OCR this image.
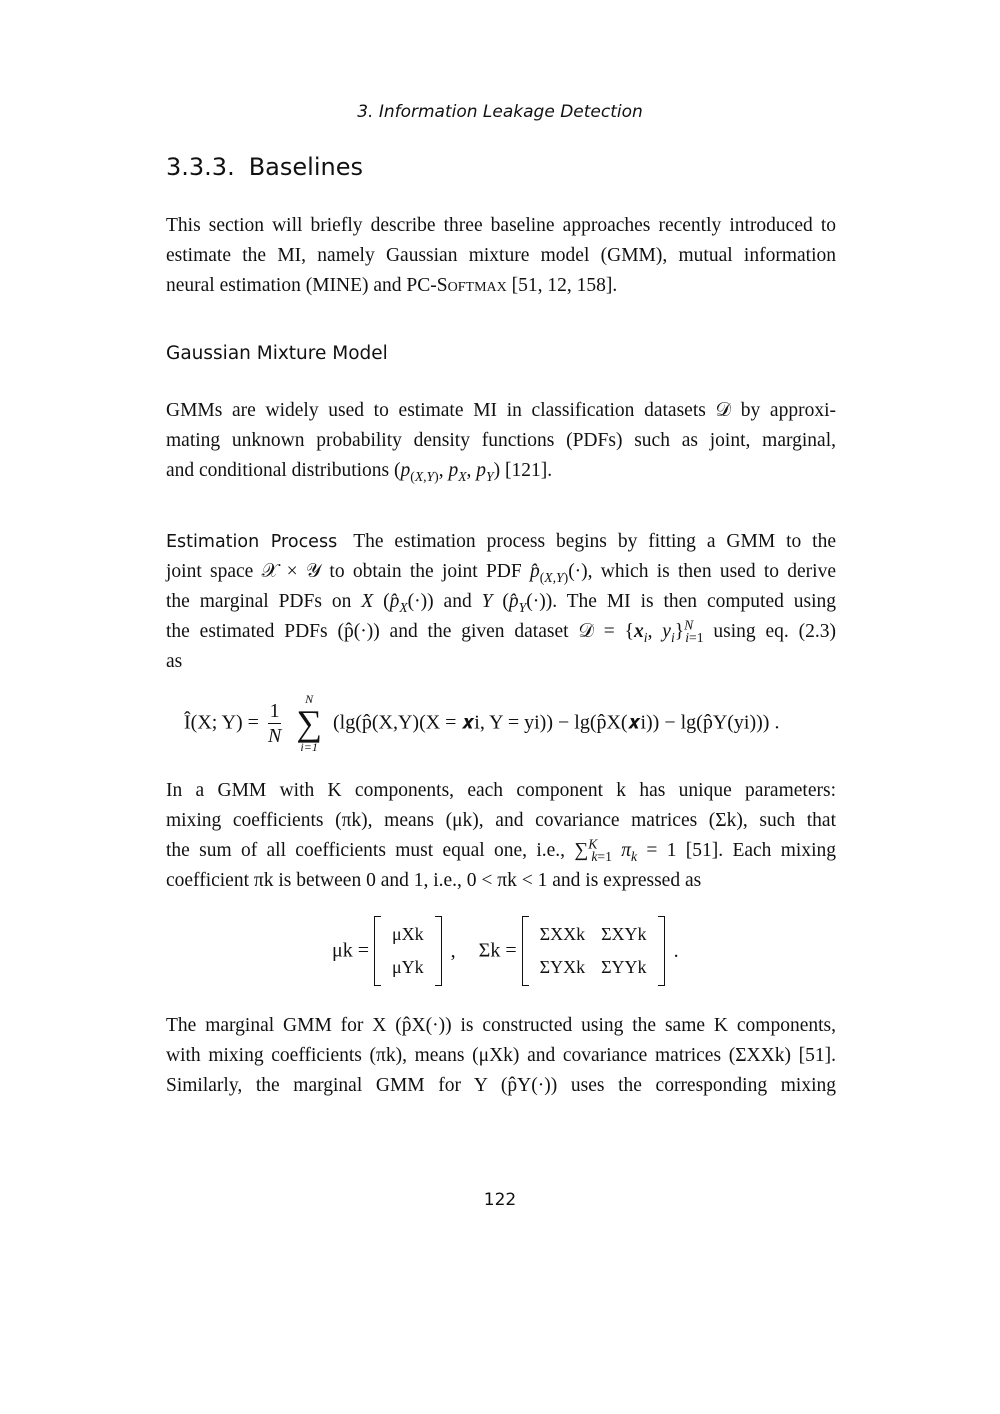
3. Information Leakage Detection
3.3.3. Baselines
This section will briefly describe three baseline approaches recently introduced to
estimate the MI, namely Gaussian mixture model (GMM), mutual information
neural estimation (MINE) and PC-Softmax [51, 12, 158].
Gaussian Mixture Model
GMMs are widely used to estimate MI in classification datasets 𝒟 by approxi-
mating unknown probability density functions (PDFs) such as joint, marginal,
and conditional distributions ($p_{(X,Y)}$, $p_X$, $p_Y$) [121].
Estimation Process The estimation process begins by fitting a GMM to the
joint space 𝒳 × 𝒴 to obtain the joint PDF $p̂_{(X,Y)}(\cdot)$, which is then used to derive
the marginal PDFs on X $(p̂_X(\cdot))$ and Y $(p̂_Y(\cdot))$. The MI is then computed using
the estimated PDFs (p̂(·)) and the given dataset 𝒟 = {$x_i$, $y_i\}^N_{i=1}$ using eq. (2.3)
as
Î(X; $Y) = \frac{1}{N}$
	N
∑
i=1
(lg(p̂(X,Y)(X = 𝒙i, Y = yi)) − lg(p̂X(𝒙i)) − lg(p̂Y(yi))) .
In a GMM with K components, each component k has unique parameters:
mixing coefficients (πk), means (μk), and covariance matrices (Σk), such that
the sum of all coefficients must equal one, i.e., ∑$^K_{k=1}$ $\pi_k = 1$ [51]. Each mixing
coefficient πk is between 0 and 1, i.e., 0 < πk < 1 and is expressed as
μk =
μXk
μYk
, Σk =
ΣXXk	ΣXYk
ΣYXk	ΣYYk
.
The marginal GMM for X (p̂X(·)) is constructed using the same K components,
with mixing coefficients (πk), means (μXk) and covariance matrices (ΣXXk) [51].
Similarly, the marginal GMM for Y (p̂Y(·)) uses the corresponding mixing
122
